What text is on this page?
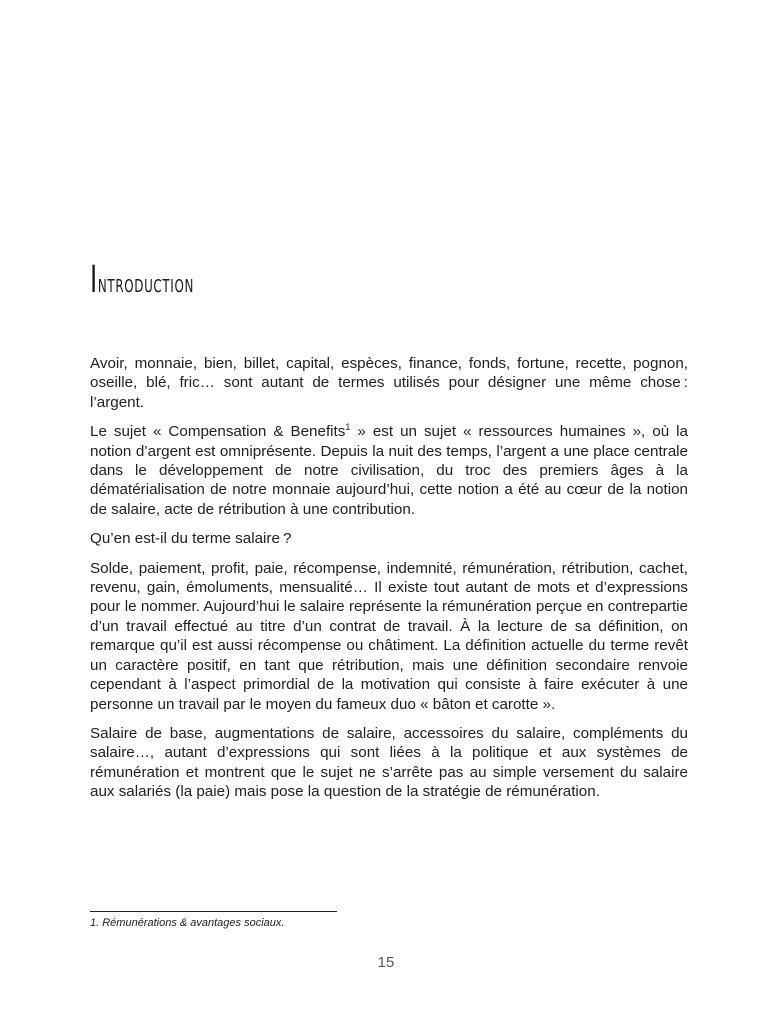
Introduction

Avoir, monnaie, bien, billet, capital, espèces, finance, fonds, fortune, recette, pognon, oseille, blé, fric… sont autant de termes utilisés pour désigner une même chose : l’argent.

Le sujet « Compensation & Benefits$^1$ » est un sujet « ressources humaines », où la notion d’argent est omniprésente. Depuis la nuit des temps, l’argent a une place centrale dans le développement de notre civilisation, du troc des premiers âges à la dématérialisation de notre monnaie aujourd’hui, cette notion a été au cœur de la notion de salaire, acte de rétribution à une contribution.

Qu’en est-il du terme salaire ?

Solde, paiement, profit, paie, récompense, indemnité, rémunération, rétribution, cachet, revenu, gain, émoluments, mensualité… Il existe tout autant de mots et d’expressions pour le nommer. Aujourd’hui le salaire représente la rémunération perçue en contrepartie d’un travail effectué au titre d’un contrat de travail. À la lecture de sa définition, on remarque qu’il est aussi récompense ou châtiment. La définition actuelle du terme revêt un caractère positif, en tant que rétribution, mais une définition secondaire renvoie cependant à l’aspect primordial de la motivation qui consiste à faire exécuter à une personne un travail par le moyen du fameux duo « bâton et carotte ».

Salaire de base, augmentations de salaire, accessoires du salaire, compléments du salaire…, autant d’expressions qui sont liées à la politique et aux systèmes de rémunération et montrent que le sujet ne s’arrête pas au simple versement du salaire aux salariés (la paie) mais pose la question de la stratégie de rémunération.

1. Rémunérations & avantages sociaux.
15
